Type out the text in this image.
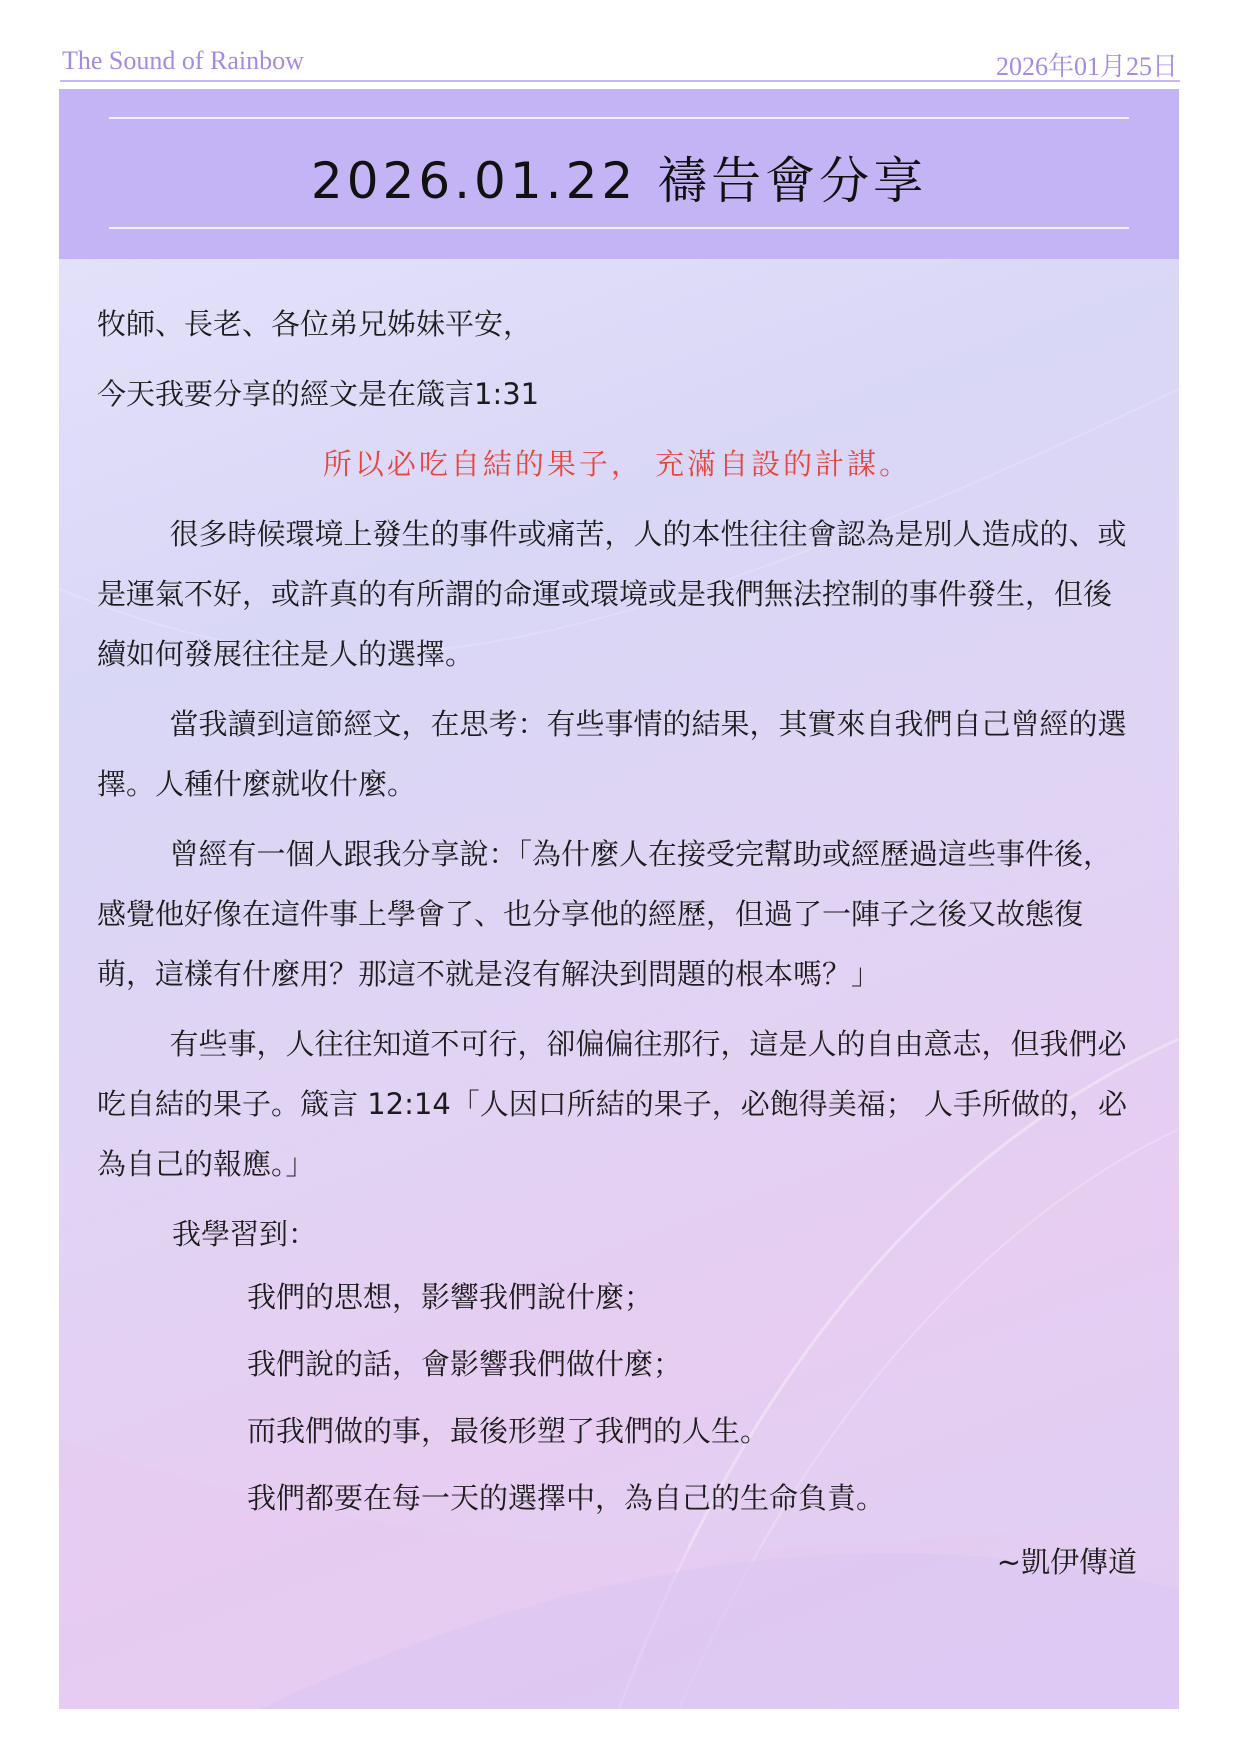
The Sound of Rainbow	2026年01月25日
2026.01.22 禱告會分享

牧師、長老、各位弟兄姊妹平安，

今天我要分享的經文是在箴言1:31

所以必吃自結的果子， 充滿自設的計謀。

很多時候環境上發生的事件或痛苦，人的本性往往會認為是別人造成的、或是運氣不好，或許真的有所謂的命運或環境或是我們無法控制的事件發生，但後續如何發展往往是人的選擇。

當我讀到這節經文，在思考：有些事情的結果，其實來自我們自己曾經的選擇。人種什麼就收什麼。

曾經有一個人跟我分享說：「為什麼人在接受完幫助或經歷過這些事件後，感覺他好像在這件事上學會了、也分享他的經歷，但過了一陣子之後又故態復萌，這樣有什麼用？那這不就是沒有解決到問題的根本嗎？」

有些事，人往往知道不可行，卻偏偏往那行，這是人的自由意志，但我們必吃自結的果子。箴言 12:14「人因口所結的果子，必飽得美福； 人手所做的，必為自己的報應。」

我學習到：

我們的思想，影響我們說什麼；

我們說的話，會影響我們做什麼；

而我們做的事，最後形塑了我們的人生。

我們都要在每一天的選擇中，為自己的生命負責。

~凱伊傳道
